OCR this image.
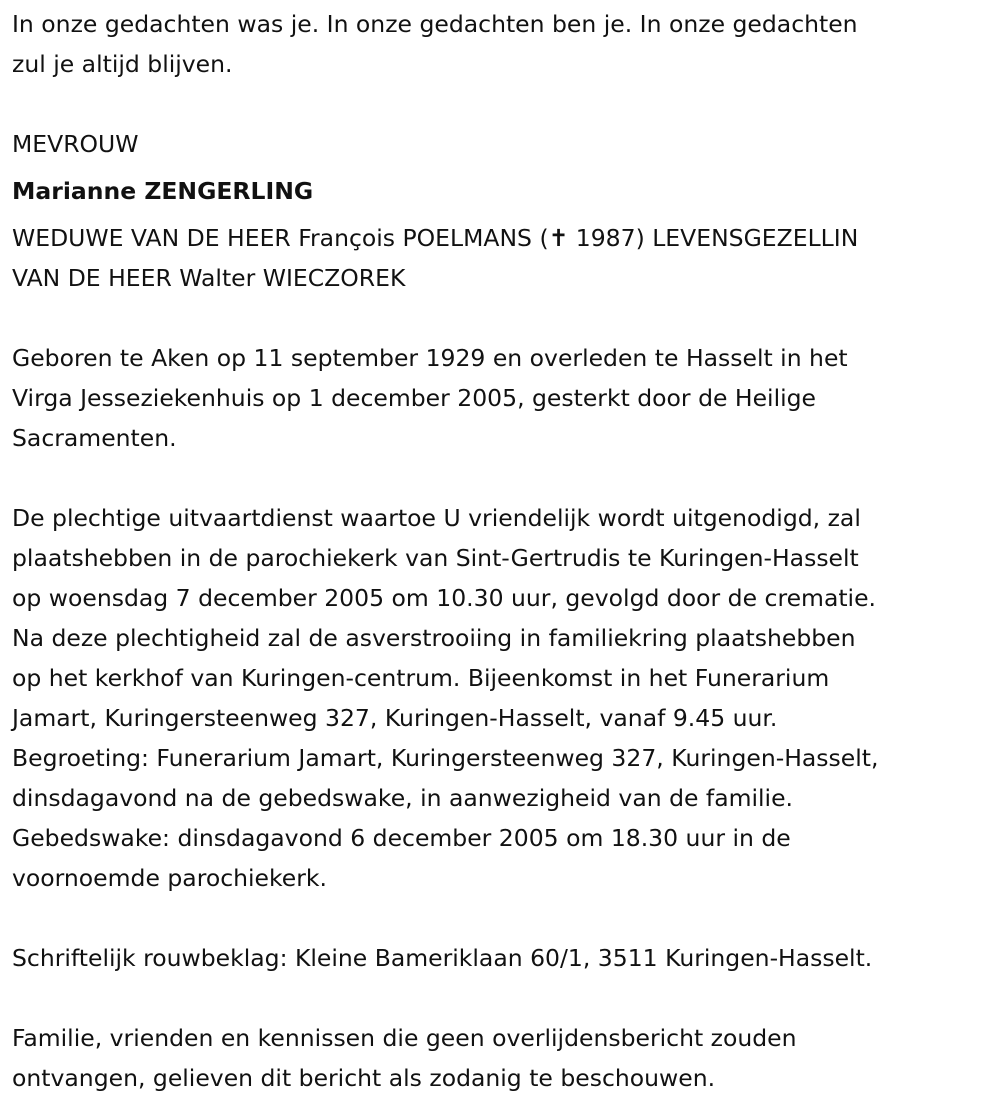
In onze gedachten was je. In onze gedachten ben je. In onze gedachten
zul je altijd blijven.
MEVROUW
Marianne ZENGERLING
WEDUWE VAN DE HEER François POELMANS (✝ 1987) LEVENSGEZELLIN
VAN DE HEER Walter WIECZOREK
Geboren te Aken op 11 september 1929 en overleden te Hasselt in het
Virga Jesseziekenhuis op 1 december 2005, gesterkt door de Heilige
Sacramenten.
De plechtige uitvaartdienst waartoe U vriendelijk wordt uitgenodigd, zal
plaatshebben in de parochiekerk van Sint-Gertrudis te Kuringen-Hasselt
op woensdag 7 december 2005 om 10.30 uur, gevolgd door de crematie.
Na deze plechtigheid zal de asverstrooiing in familiekring plaatshebben
op het kerkhof van Kuringen-centrum. Bijeenkomst in het Funerarium
Jamart, Kuringersteenweg 327, Kuringen-Hasselt, vanaf 9.45 uur.
Begroeting: Funerarium Jamart, Kuringersteenweg 327, Kuringen-Hasselt,
dinsdagavond na de gebedswake, in aanwezigheid van de familie.
Gebedswake: dinsdagavond 6 december 2005 om 18.30 uur in de
voornoemde parochiekerk.
Schriftelijk rouwbeklag: Kleine Bameriklaan 60/1, 3511 Kuringen-Hasselt.
Familie, vrienden en kennissen die geen overlijdensbericht zouden
ontvangen, gelieven dit bericht als zodanig te beschouwen.
